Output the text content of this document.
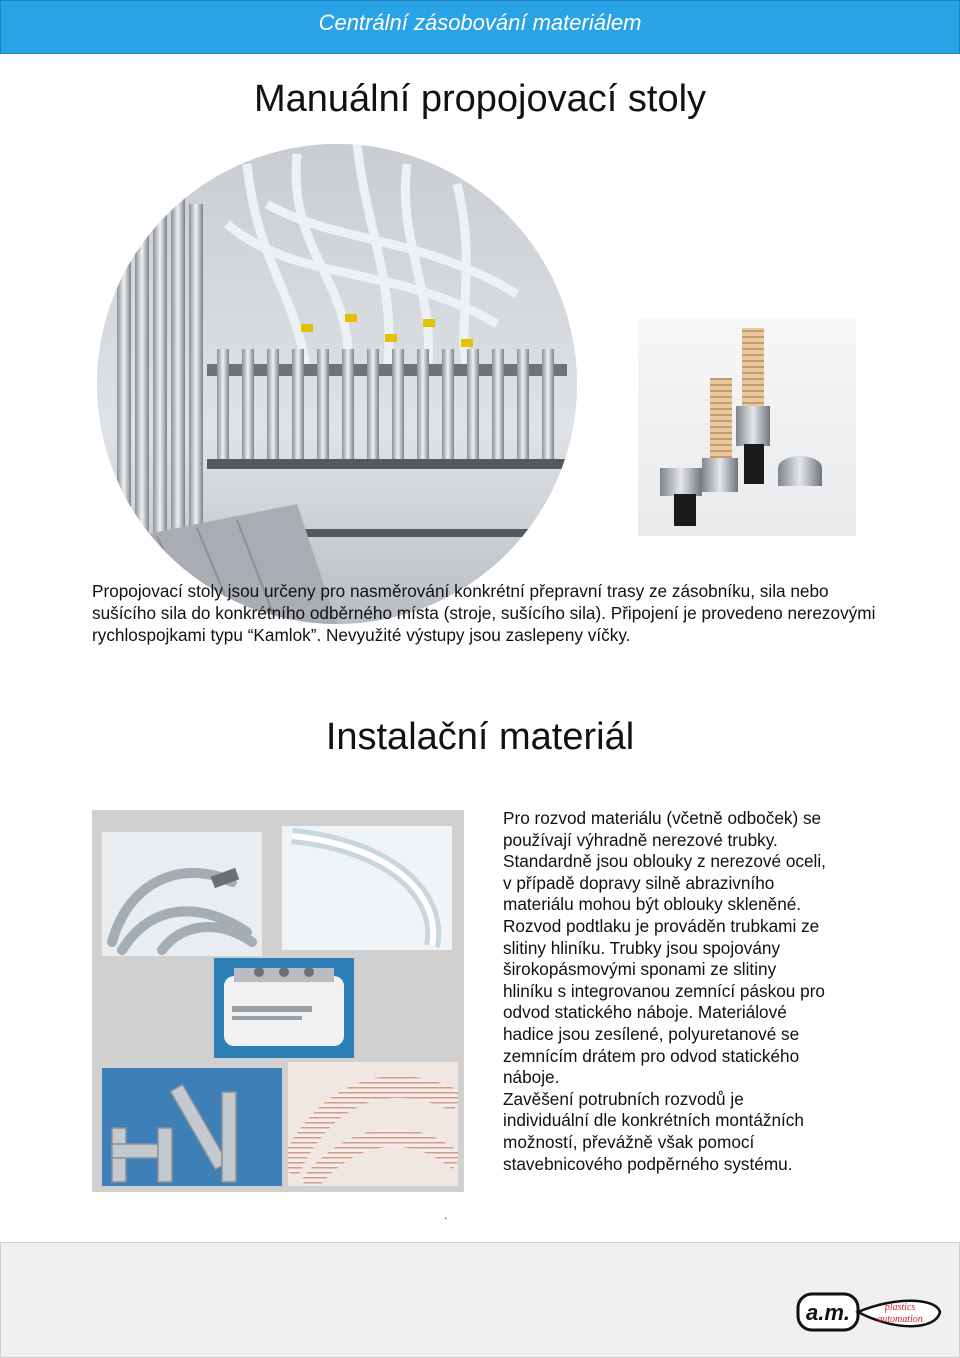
Centrální zásobování materiálem
Manuální propojovací stoly
Propojovací stoly jsou určeny pro nasměrování konkrétní přepravní trasy ze zásobníku, sila nebo sušícího sila do konkrétního odběrného místa (stroje, sušícího sila). Připojení je provedeno nerezovými rychlospojkami typu “Kamlok”. Nevyužité výstupy jsou zaslepeny víčky.
Instalační materiál
Pro rozvod materiálu (včetně odboček) se
používají výhradně nerezové trubky.
Standardně jsou oblouky z nerezové oceli,
v případě dopravy silně abrazivního
materiálu mohou být oblouky skleněné.
Rozvod podtlaku je prováděn trubkami ze
slitiny hliníku. Trubky jsou spojovány
širokopásmovými sponami ze slitiny
hliníku s integrovanou zemnící páskou pro
odvod statického náboje. Materiálové
hadice jsou zesílené, polyuretanové se
zemnícím drátem pro odvod statického
náboje.
Zavěšení potrubních rozvodů je
individuální dle konkrétních montážních
možností, převážně však pomocí
stavebnicového podpěrného systému.
.
a.m.	plastics
automation
